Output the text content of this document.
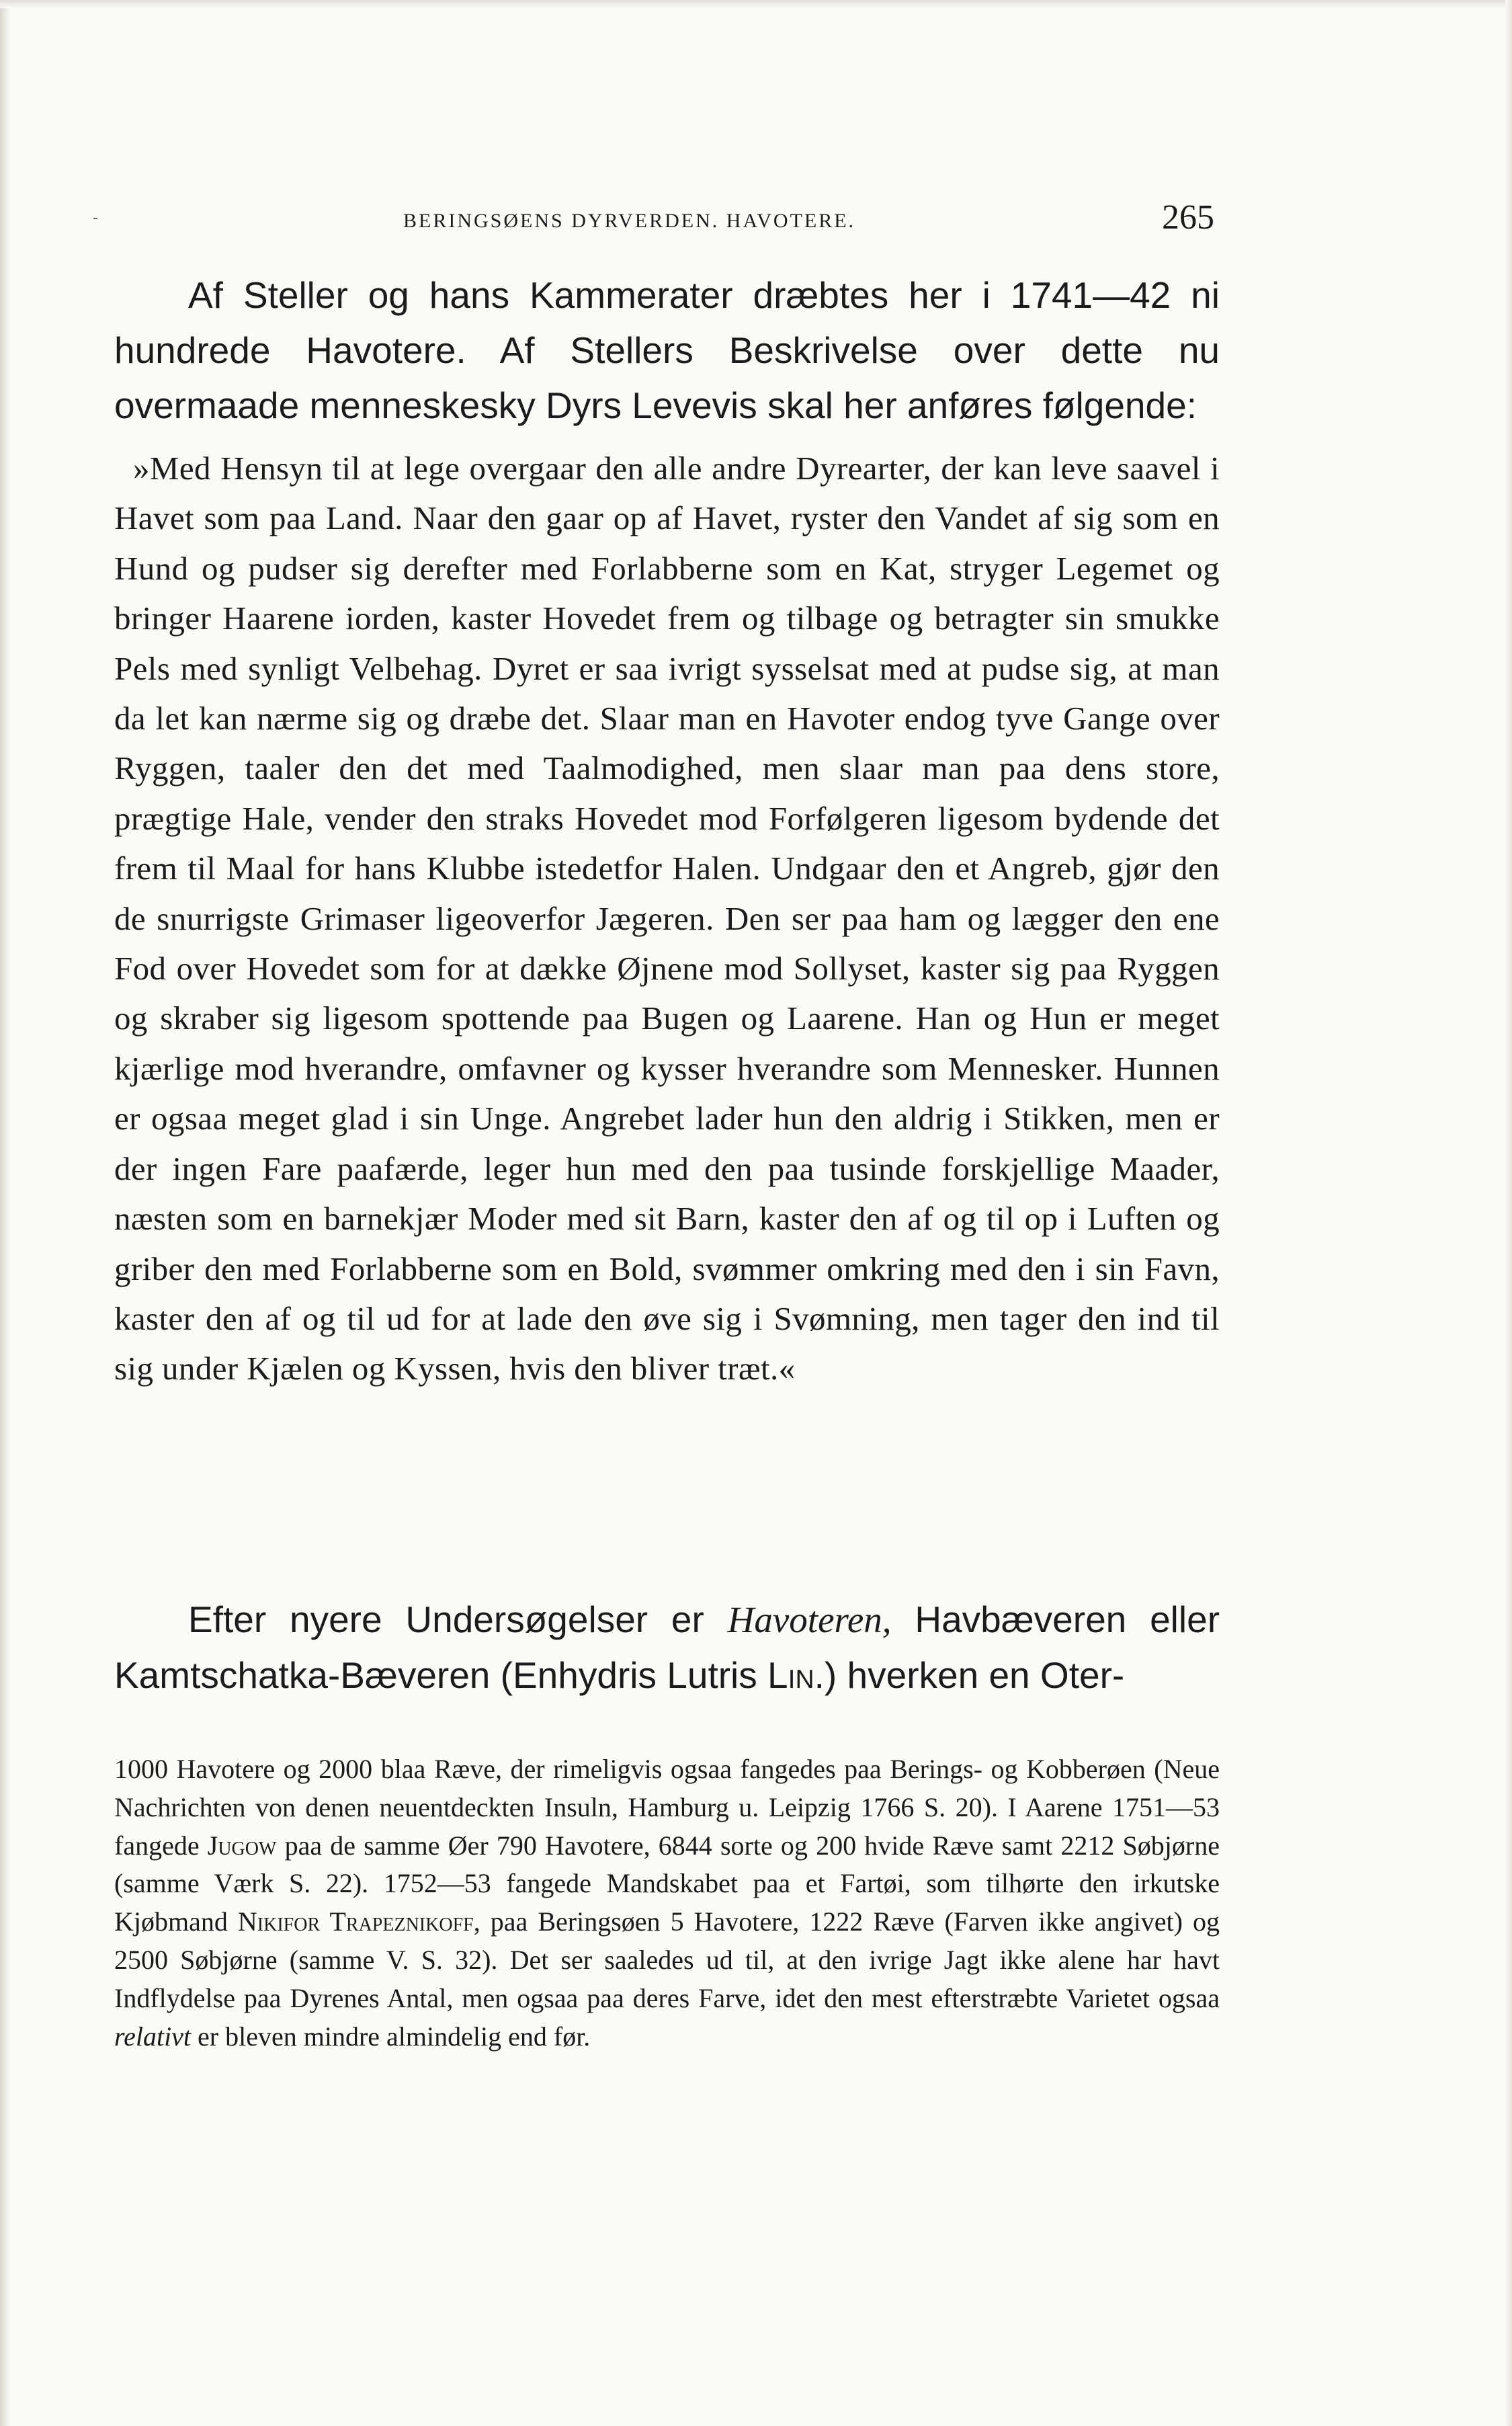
-	BERINGSØENS DYRVERDEN. HAVOTERE.	265

Af Steller og hans Kammerater dræbtes her i 1741—42 ni hundrede Havotere. Af Stellers Beskrivelse over dette nu overmaade menneskesky Dyrs Levevis skal her anføres følgende:

»Med Hensyn til at lege overgaar den alle andre Dyrearter, der kan leve saavel i Havet som paa Land. Naar den gaar op af Havet, ryster den Vandet af sig som en Hund og pudser sig derefter med Forlabberne som en Kat, stryger Legemet og bringer Haarene iorden, kaster Hovedet frem og tilbage og betragter sin smukke Pels med synligt Velbehag. Dyret er saa ivrigt sysselsat med at pudse sig, at man da let kan nærme sig og dræbe det. Slaar man en Havoter endog tyve Gange over Ryggen, taaler den det med Taalmodighed, men slaar man paa dens store, prægtige Hale, vender den straks Hovedet mod Forfølgeren ligesom bydende det frem til Maal for hans Klubbe istedetfor Halen. Undgaar den et Angreb, gjør den de snurrigste Grimaser ligeoverfor Jægeren. Den ser paa ham og lægger den ene Fod over Hovedet som for at dække Øjnene mod Sollyset, kaster sig paa Ryggen og skraber sig ligesom spottende paa Bugen og Laarene. Han og Hun er meget kjærlige mod hverandre, omfavner og kysser hverandre som Mennesker. Hunnen er ogsaa meget glad i sin Unge. Angrebet lader hun den aldrig i Stikken, men er der ingen Fare paafærde, leger hun med den paa tusinde forskjellige Maader, næsten som en barnekjær Moder med sit Barn, kaster den af og til op i Luften og griber den med Forlabberne som en Bold, svømmer omkring med den i sin Favn, kaster den af og til ud for at lade den øve sig i Svømning, men tager den ind til sig under Kjælen og Kyssen, hvis den bliver træt.«

Efter nyere Undersøgelser er Havoteren, Havbæveren eller Kamtschatka-Bæveren (Enhydris Lutris Lin.) hverken en Oter-

1000 Havotere og 2000 blaa Ræve, der rimeligvis ogsaa fangedes paa Berings- og Kobberøen (Neue Nachrichten von denen neuentdeckten Insuln, Hamburg u. Leipzig 1766 S. 20). I Aarene 1751—53 fangede Jugow paa de samme Øer 790 Havotere, 6844 sorte og 200 hvide Ræve samt 2212 Søbjørne (samme Værk S. 22). 1752—53 fangede Mandskabet paa et Fartøi, som tilhørte den irkutske Kjøbmand Nikifor Trapeznikoff, paa Beringsøen 5 Havotere, 1222 Ræve (Farven ikke angivet) og 2500 Søbjørne (samme V. S. 32). Det ser saaledes ud til, at den ivrige Jagt ikke alene har havt Indflydelse paa Dyrenes Antal, men ogsaa paa deres Farve, idet den mest efterstræbte Varietet ogsaa relativt er bleven mindre almindelig end før.
